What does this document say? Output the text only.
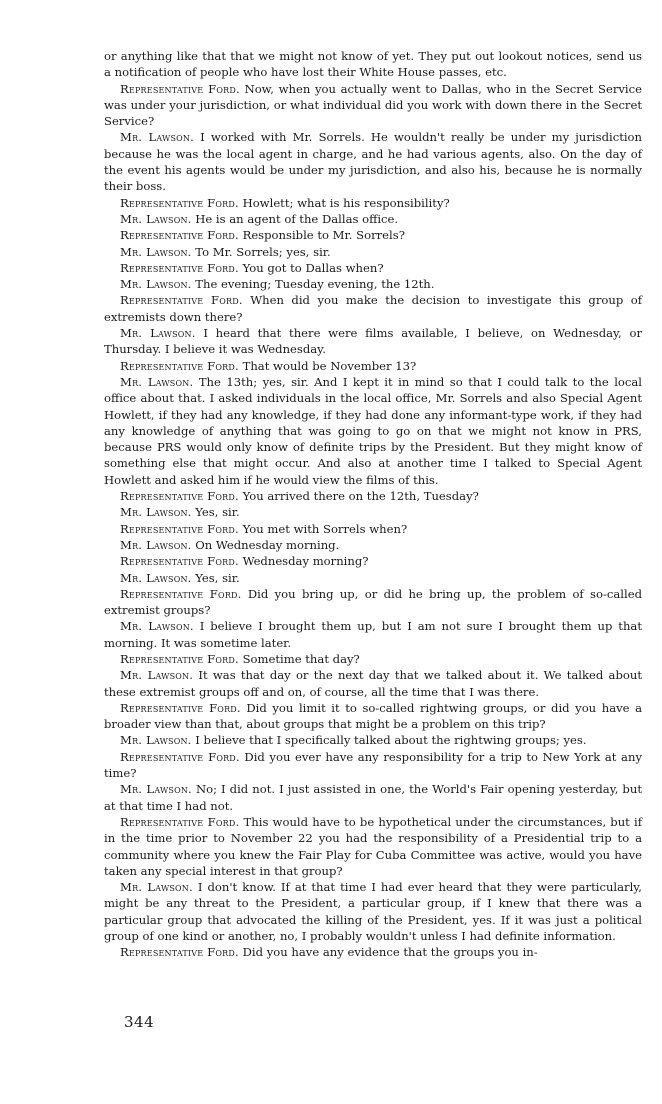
or anything like that that we might not know of yet. They put out lookout notices, send us a notification of people who have lost their White House passes, etc.

Representative Ford. Now, when you actually went to Dallas, who in the Secret Service was under your jurisdiction, or what individual did you work with down there in the Secret Service?

Mr. Lawson. I worked with Mr. Sorrels. He wouldn't really be under my jurisdiction because he was the local agent in charge, and he had various agents, also. On the day of the event his agents would be under my jurisdiction, and also his, because he is normally their boss.

Representative Ford. Howlett; what is his responsibility?

Mr. Lawson. He is an agent of the Dallas office.

Representative Ford. Responsible to Mr. Sorrels?

Mr. Lawson. To Mr. Sorrels; yes, sir.

Representative Ford. You got to Dallas when?

Mr. Lawson. The evening; Tuesday evening, the 12th.

Representative Ford. When did you make the decision to investigate this group of extremists down there?

Mr. Lawson. I heard that there were films available, I believe, on Wednesday, or Thursday. I believe it was Wednesday.

Representative Ford. That would be November 13?

Mr. Lawson. The 13th; yes, sir. And I kept it in mind so that I could talk to the local office about that. I asked individuals in the local office, Mr. Sorrels and also Special Agent Howlett, if they had any knowledge, if they had done any informant-type work, if they had any knowledge of anything that was going to go on that we might not know in PRS, because PRS would only know of definite trips by the President. But they might know of something else that might occur. And also at another time I talked to Special Agent Howlett and asked him if he would view the films of this.

Representative Ford. You arrived there on the 12th, Tuesday?

Mr. Lawson. Yes, sir.

Representative Ford. You met with Sorrels when?

Mr. Lawson. On Wednesday morning.

Representative Ford. Wednesday morning?

Mr. Lawson. Yes, sir.

Representative Ford. Did you bring up, or did he bring up, the problem of so-called extremist groups?

Mr. Lawson. I believe I brought them up, but I am not sure I brought them up that morning. It was sometime later.

Representative Ford. Sometime that day?

Mr. Lawson. It was that day or the next day that we talked about it. We talked about these extremist groups off and on, of course, all the time that I was there.

Representative Ford. Did you limit it to so-called rightwing groups, or did you have a broader view than that, about groups that might be a problem on this trip?

Mr. Lawson. I believe that I specifically talked about the rightwing groups; yes.

Representative Ford. Did you ever have any responsibility for a trip to New York at any time?

Mr. Lawson. No; I did not. I just assisted in one, the World's Fair opening yesterday, but at that time I had not.

Representative Ford. This would have to be hypothetical under the circumstances, but if in the time prior to November 22 you had the responsibility of a Presidential trip to a community where you knew the Fair Play for Cuba Committee was active, would you have taken any special interest in that group?

Mr. Lawson. I don't know. If at that time I had ever heard that they were particularly, might be any threat to the President, a particular group, if I knew that there was a particular group that advocated the killing of the President, yes. If it was just a political group of one kind or another, no, I probably wouldn't unless I had definite information.

Representative Ford. Did you have any evidence that the groups you in-

344
